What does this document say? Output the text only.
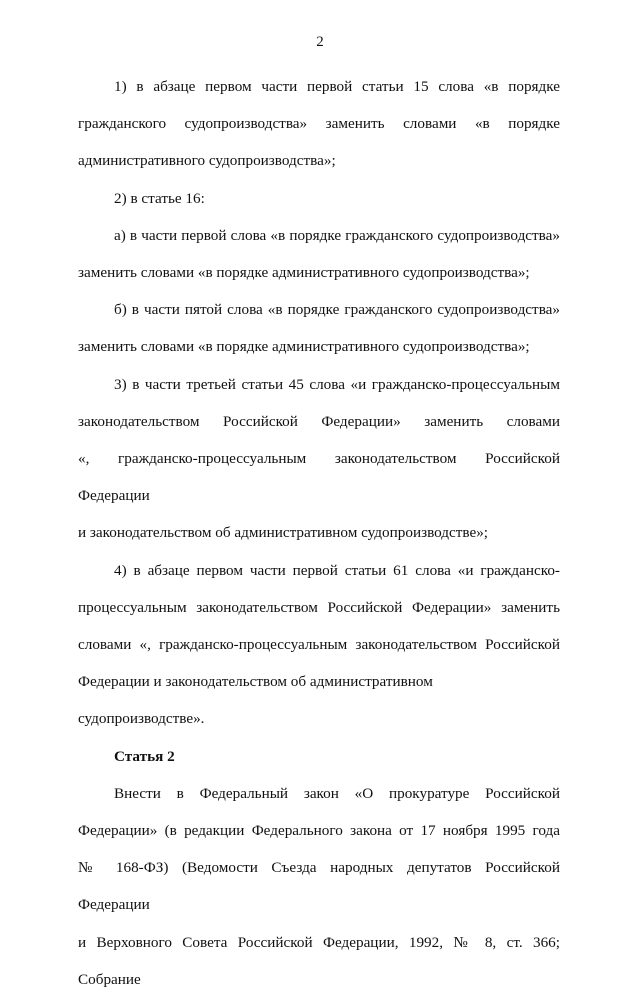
2
1) в абзаце первом части первой статьи 15 слова «в порядке
гражданского судопроизводства» заменить словами «в порядке
административного судопроизводства»;
2) в статье 16:
а) в части первой слова «в порядке гражданского судопроизводства»
заменить словами «в порядке административного судопроизводства»;
б) в части пятой слова «в порядке гражданского судопроизводства»
заменить словами «в порядке административного судопроизводства»;
3) в части третьей статьи 45 слова «и гражданско-процессуальным
законодательством Российской Федерации» заменить словами
«, гражданско-процессуальным законодательством Российской Федерации
и законодательством об административном судопроизводстве»;
4) в абзаце первом части первой статьи 61 слова «и гражданско-
процессуальным законодательством Российской Федерации» заменить
словами «, гражданско-процессуальным законодательством Российской
Федерации и законодательством об административном судопроизводстве».
Статья 2
Внести в Федеральный закон «О прокуратуре Российской
Федерации» (в редакции Федерального закона от 17 ноября 1995 года
№ 168-ФЗ) (Ведомости Съезда народных депутатов Российской Федерации
и Верховного Совета Российской Федерации, 1992, № 8, ст. 366; Собрание
